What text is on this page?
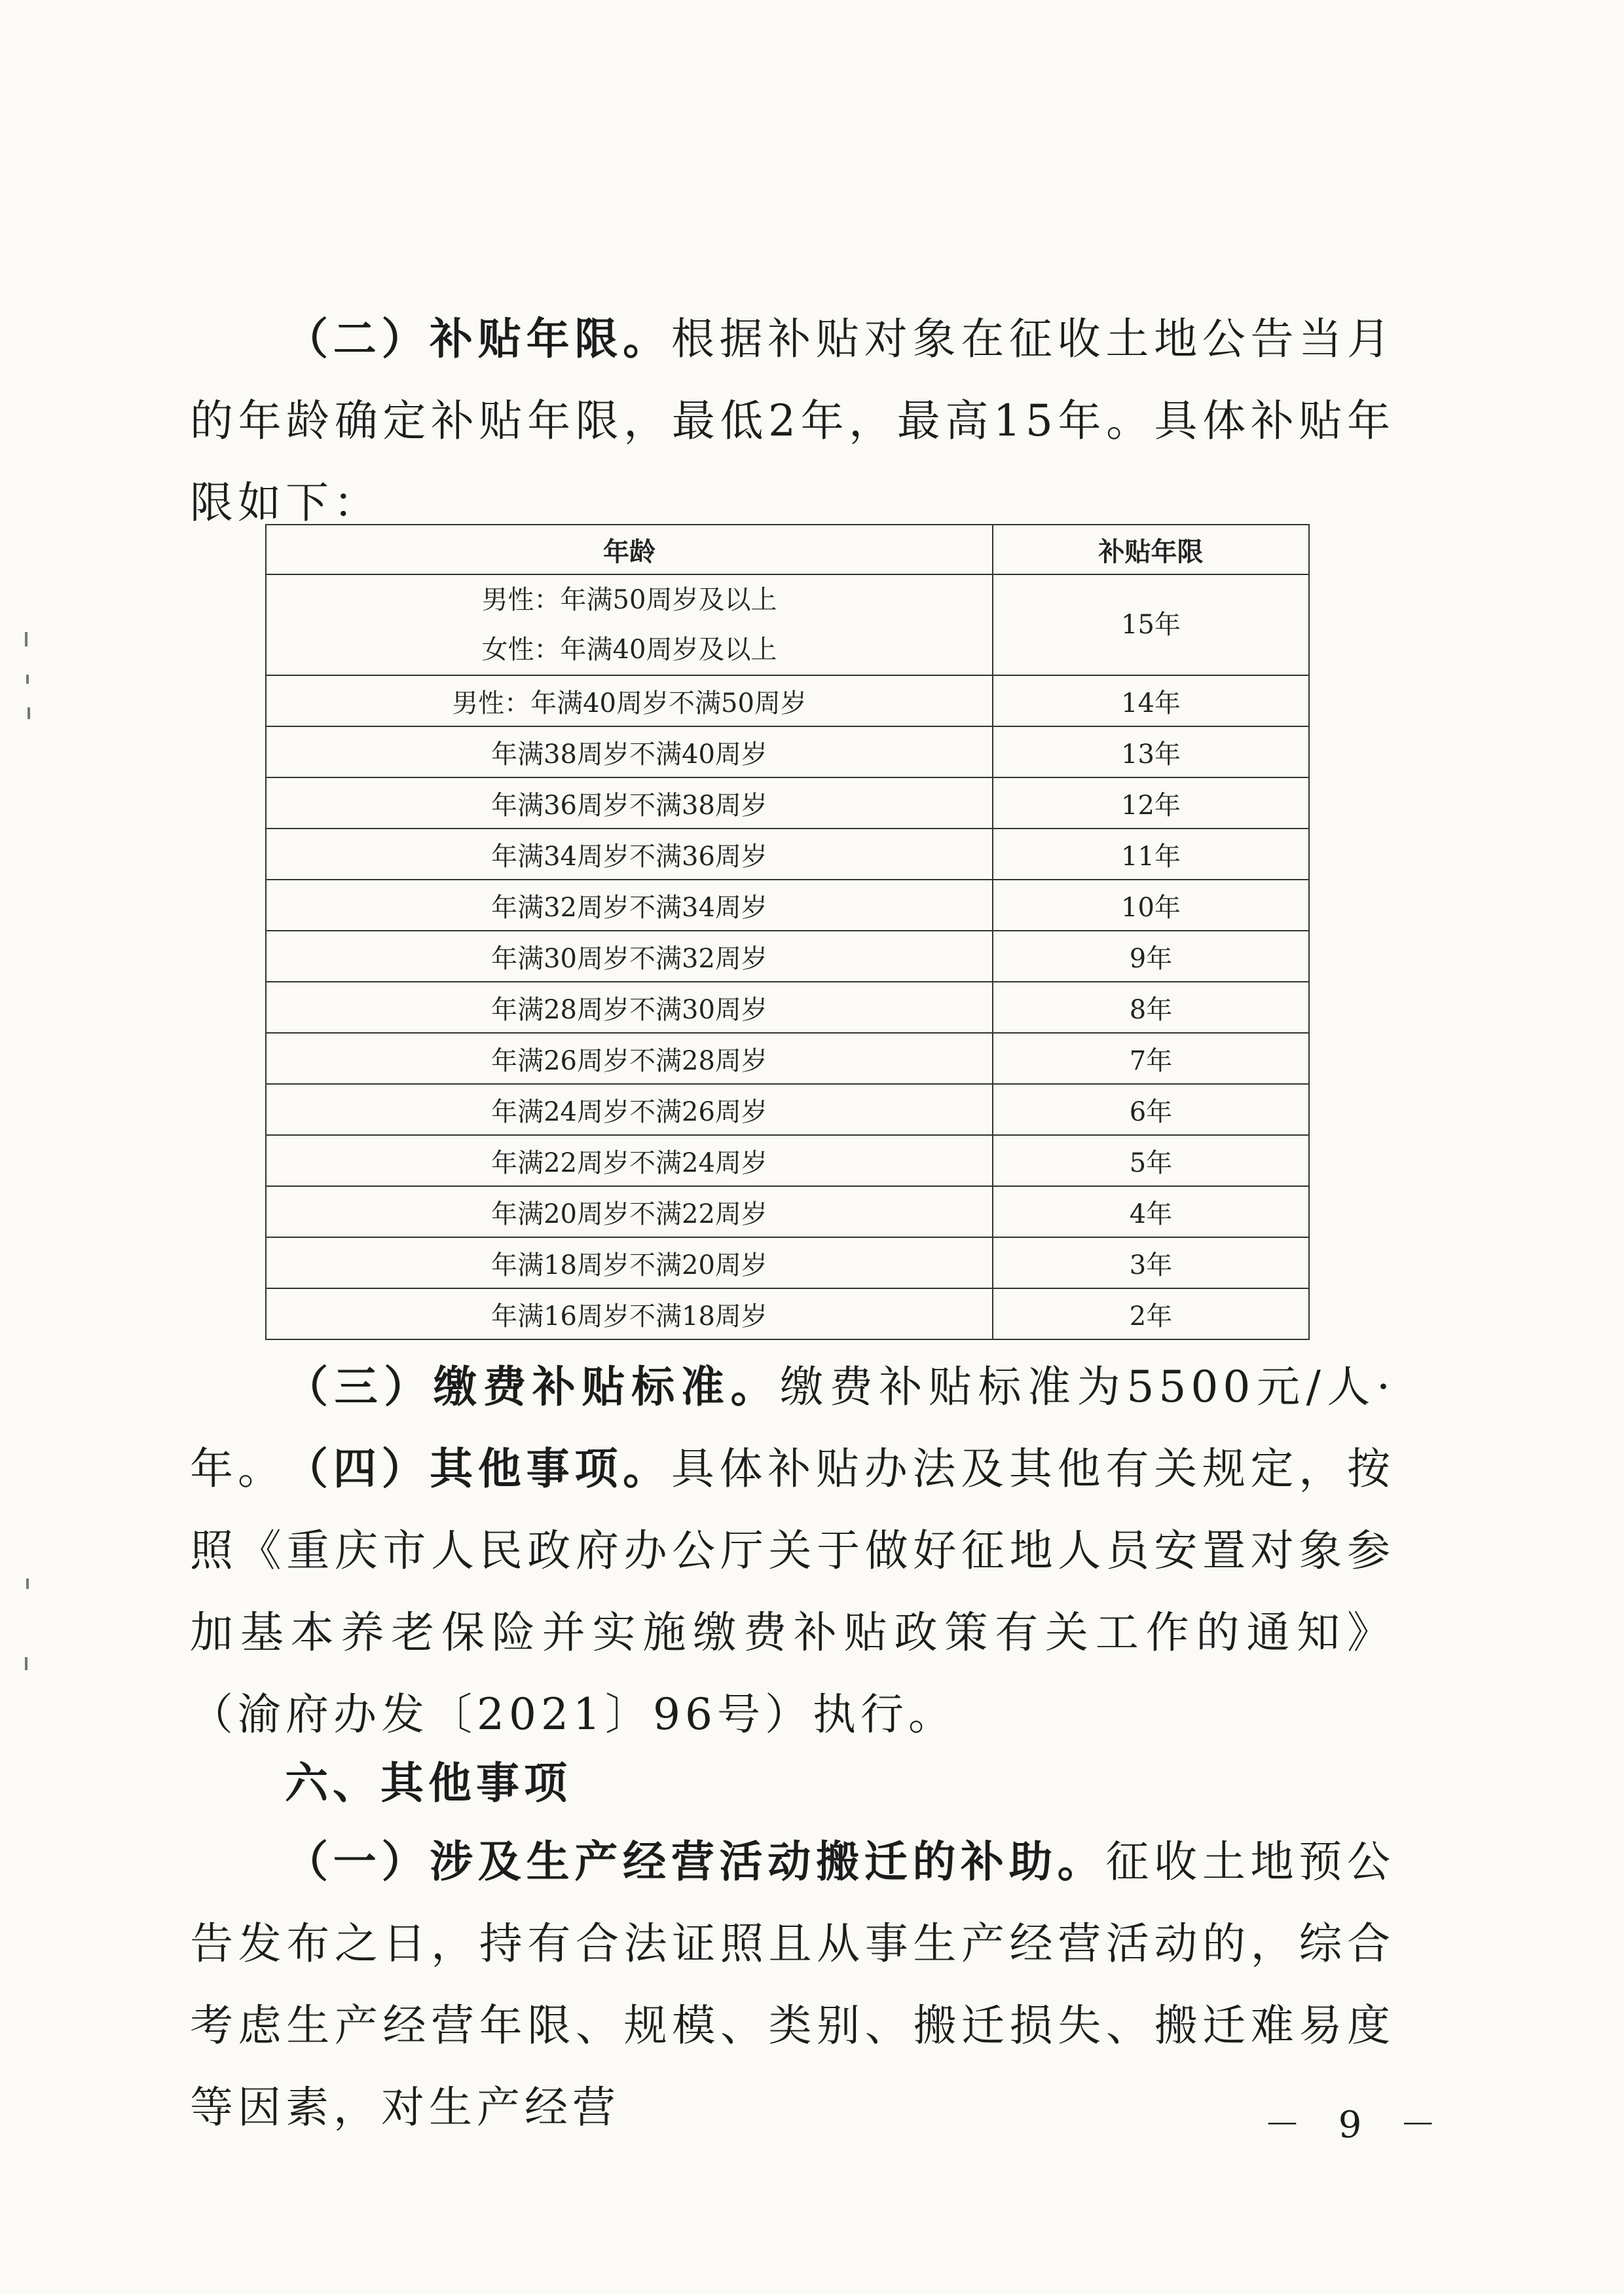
（二）补贴年限。根据补贴对象在征收土地公告当月的年龄确定补贴年限，最低2年，最高15年。具体补贴年限如下：

年龄	补贴年限

男性：年满50周岁及以上
女性：年满40周岁及以上	15年
男性：年满40周岁不满50周岁	14年
年满38周岁不满40周岁	13年
年满36周岁不满38周岁	12年
年满34周岁不满36周岁	11年
年满32周岁不满34周岁	10年
年满30周岁不满32周岁	9年
年满28周岁不满30周岁	8年
年满26周岁不满28周岁	7年
年满24周岁不满26周岁	6年
年满22周岁不满24周岁	5年
年满20周岁不满22周岁	4年
年满18周岁不满20周岁	3年
年满16周岁不满18周岁	2年

（三）缴费补贴标准。缴费补贴标准为5500元/人·年。 （四）其他事项。具体补贴办法及其他有关规定，按照《重庆市人民政府办公厅关于做好征地人员安置对象参加基本养老保险并实施缴费补贴政策有关工作的通知》（渝府办发〔2021〕96号）执行。

六、其他事项

（一）涉及生产经营活动搬迁的补助。征收土地预公告发布之日，持有合法证照且从事生产经营活动的，综合考虑生产经营年限、规模、类别、搬迁损失、搬迁难易度等因素，对生产经营	－ 9 －
